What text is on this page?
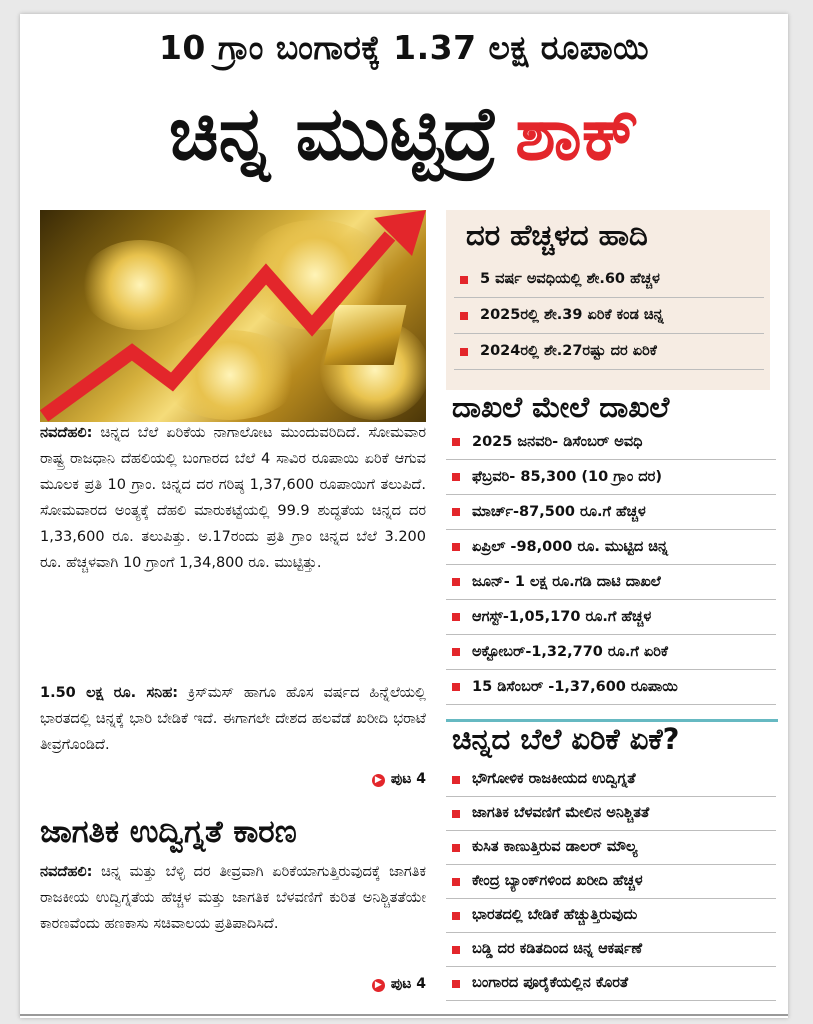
10 ಗ್ರಾಂ ಬಂಗಾರಕ್ಕೆ 1.37 ಲಕ್ಷ ರೂಪಾಯಿ
ಚಿನ್ನ ಮುಟ್ಟಿದ್ರೆ ಶಾಕ್
ನವದೆಹಲಿ: ಚಿನ್ನದ ಬೆಲೆ ಏರಿಕೆಯ ನಾಗಾಲೋಟ ಮುಂದುವರಿದಿದೆ. ಸೋಮವಾರ ರಾಷ್ಟ್ರ ರಾಜಧಾನಿ ದೆಹಲಿಯಲ್ಲಿ ಬಂಗಾರದ ಬೆಲೆ 4 ಸಾವಿರ ರೂಪಾಯಿ ಏರಿಕೆ ಆಗುವ ಮೂಲಕ ಪ್ರತಿ 10 ಗ್ರಾಂ. ಚಿನ್ನದ ದರ ಗರಿಷ್ಠ 1,37,600 ರೂಪಾಯಿಗೆ ತಲುಪಿದೆ. ಸೋಮವಾರದ ಅಂತ್ಯಕ್ಕೆ ದೆಹಲಿ ಮಾರುಕಟ್ಟೆಯಲ್ಲಿ 99.9 ಶುದ್ಧತೆಯ ಚಿನ್ನದ ದರ 1,33,600 ರೂ. ತಲುಪಿತ್ತು. ಅ.17ರಂದು ಪ್ರತಿ ಗ್ರಾಂ ಚಿನ್ನದ ಬೆಲೆ 3.200 ರೂ. ಹೆಚ್ಚಳವಾಗಿ 10 ಗ್ರಾಂಗೆ 1,34,800 ರೂ. ಮುಟ್ಟಿತ್ತು.
1.50 ಲಕ್ಷ ರೂ. ಸನಿಹ: ಕ್ರಿಸ್‌ಮಸ್ ಹಾಗೂ ಹೊಸ ವರ್ಷದ ಹಿನ್ನೆಲೆಯಲ್ಲಿ ಭಾರತದಲ್ಲಿ ಚಿನ್ನಕ್ಕೆ ಭಾರಿ ಬೇಡಿಕೆ ಇದೆ. ಈಗಾಗಲೇ ದೇಶದ ಹಲವೆಡೆ ಖರೀದಿ ಭರಾಟೆ ತೀವ್ರಗೊಂಡಿದೆ.
▶ ಪುಟ 4
ಜಾಗತಿಕ ಉದ್ವಿಗ್ನತೆ ಕಾರಣ
ನವದೆಹಲಿ: ಚಿನ್ನ ಮತ್ತು ಬೆಳ್ಳಿ ದರ ತೀವ್ರವಾಗಿ ಏರಿಕೆಯಾಗುತ್ತಿರುವುದಕ್ಕೆ ಜಾಗತಿಕ ರಾಜಕೀಯ ಉದ್ವಿಗ್ನತೆಯ ಹೆಚ್ಚಳ ಮತ್ತು ಜಾಗತಿಕ ಬೆಳವಣಿಗೆ ಕುರಿತ ಅನಿಶ್ಚಿತತೆಯೇ ಕಾರಣವೆಂದು ಹಣಕಾಸು ಸಚಿವಾಲಯ ಪ್ರತಿಪಾದಿಸಿದೆ.
▶ ಪುಟ 4
ದರ ಹೆಚ್ಚಳದ ಹಾದಿ
5 ವರ್ಷ ಅವಧಿಯಲ್ಲಿ ಶೇ.60 ಹೆಚ್ಚಳ
2025ರಲ್ಲಿ ಶೇ.39 ಏರಿಕೆ ಕಂಡ ಚಿನ್ನ
2024ರಲ್ಲಿ ಶೇ.27ರಷ್ಟು ದರ ಏರಿಕೆ
ದಾಖಲೆ ಮೇಲೆ ದಾಖಲೆ
2025 ಜನವರಿ- ಡಿಸೆಂಬರ್ ಅವಧಿ
ಫೆಬ್ರವರಿ- 85,300 (10 ಗ್ರಾಂ ದರ)
ಮಾರ್ಚ್-87,500 ರೂ.ಗೆ ಹೆಚ್ಚಳ
ಏಪ್ರಿಲ್ -98,000 ರೂ. ಮುಟ್ಟಿದ ಚಿನ್ನ
ಜೂನ್- 1 ಲಕ್ಷ ರೂ.ಗಡಿ ದಾಟಿ ದಾಖಲೆ
ಆಗಸ್ಟ್-1,05,170 ರೂ.ಗೆ ಹೆಚ್ಚಳ
ಅಕ್ಟೋಬರ್-1,32,770 ರೂ.ಗೆ ಏರಿಕೆ
15 ಡಿಸೆಂಬರ್ -1,37,600 ರೂಪಾಯಿ
ಚಿನ್ನದ ಬೆಲೆ ಏರಿಕೆ ಏಕೆ?
ಭೌಗೋಳಿಕ ರಾಜಕೀಯದ ಉದ್ವಿಗ್ನತೆ
ಜಾಗತಿಕ ಬೆಳವಣಿಗೆ ಮೇಲಿನ ಅನಿಶ್ಚಿತತೆ
ಕುಸಿತ ಕಾಣುತ್ತಿರುವ ಡಾಲರ್ ಮೌಲ್ಯ
ಕೇಂದ್ರ ಬ್ಯಾಂಕ್‌ಗಳಿಂದ ಖರೀದಿ ಹೆಚ್ಚಳ
ಭಾರತದಲ್ಲಿ ಬೇಡಿಕೆ ಹೆಚ್ಚುತ್ತಿರುವುದು
ಬಡ್ಡಿ ದರ ಕಡಿತದಿಂದ ಚಿನ್ನ ಆಕರ್ಷಣೆ
ಬಂಗಾರದ ಪೂರೈಕೆಯಲ್ಲಿನ ಕೊರತೆ
